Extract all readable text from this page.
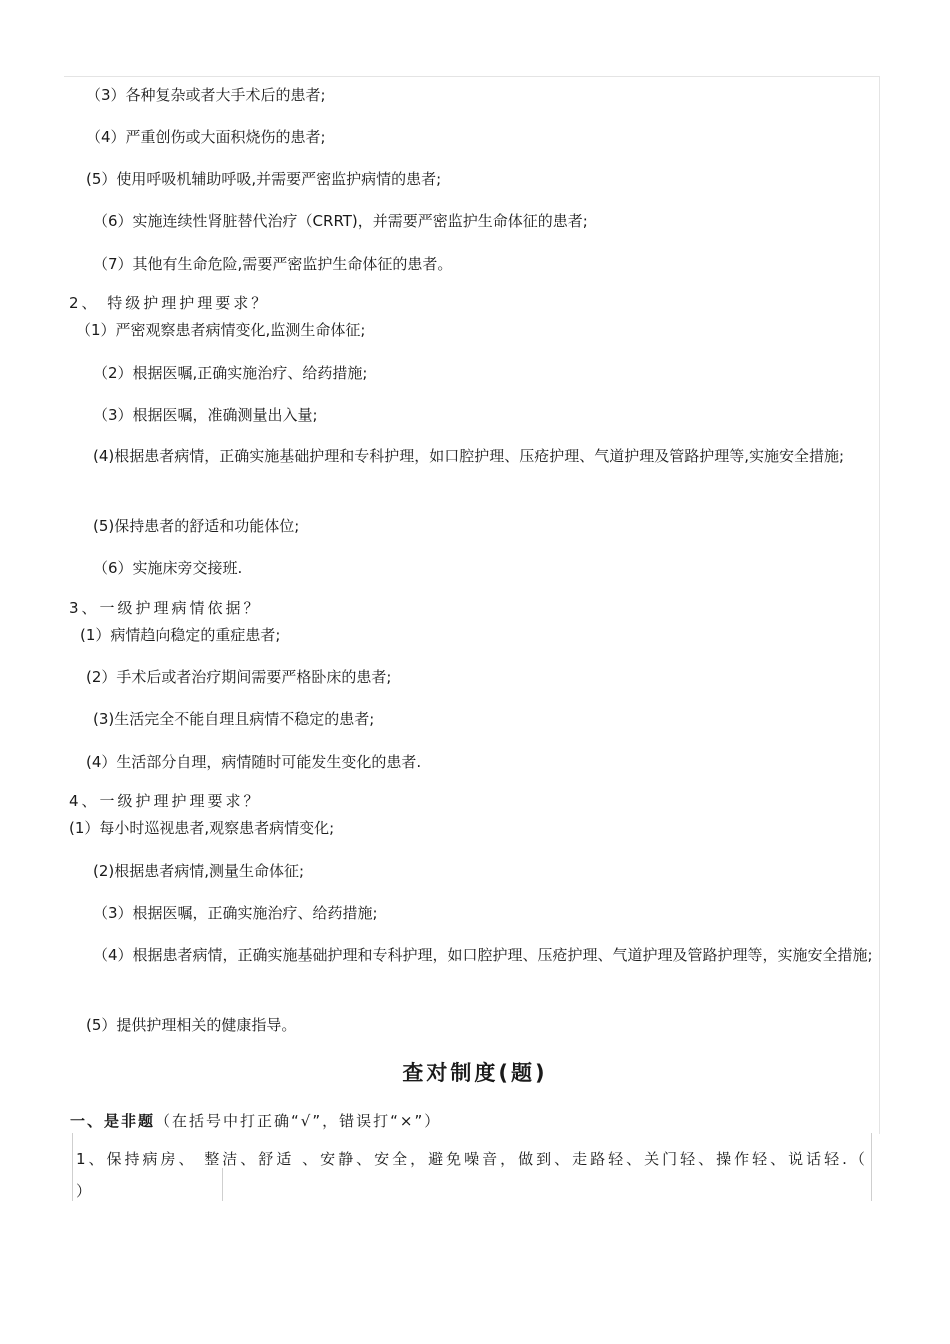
（3）各种复杂或者大手术后的患者;
（4）严重创伤或大面积烧伤的患者;
(5）使用呼吸机辅助呼吸,并需要严密监护病情的患者;
（6）实施连续性肾脏替代治疗（CRRT)，并需要严密监护生命体征的患者;
（7）其他有生命危险,需要严密监护生命体征的患者。
2、 特级护理护理要求？
（1）严密观察患者病情变化,监测生命体征;
（2）根据医嘱,正确实施治疗、给药措施;
（3）根据医嘱，准确测量出入量;
(4)根据患者病情，正确实施基础护理和专科护理，如口腔护理、压疮护理、气道护理及管路护理等,实施安全措施;
(5)保持患者的舒适和功能体位;
（6）实施床旁交接班.
3、一级护理病情依据？
(1）病情趋向稳定的重症患者;
(2）手术后或者治疗期间需要严格卧床的患者;
(3)生活完全不能自理且病情不稳定的患者;
(4）生活部分自理，病情随时可能发生变化的患者.
4、一级护理护理要求？
(1）每小时巡视患者,观察患者病情变化;
(2)根据患者病情,测量生命体征;
（3）根据医嘱，正确实施治疗、给药措施;
（4）根据患者病情，正确实施基础护理和专科护理，如口腔护理、压疮护理、气道护理及管路护理等，实施安全措施;
(5）提供护理相关的健康指导。
查对制度(题)
一、是非题（在括号中打正确“√”，错误打“×”）
1、保持病房、 整洁、舒适 、安静、安全，避免噪音，做到、走路轻、关门轻、操作轻、说话轻.（ ）
